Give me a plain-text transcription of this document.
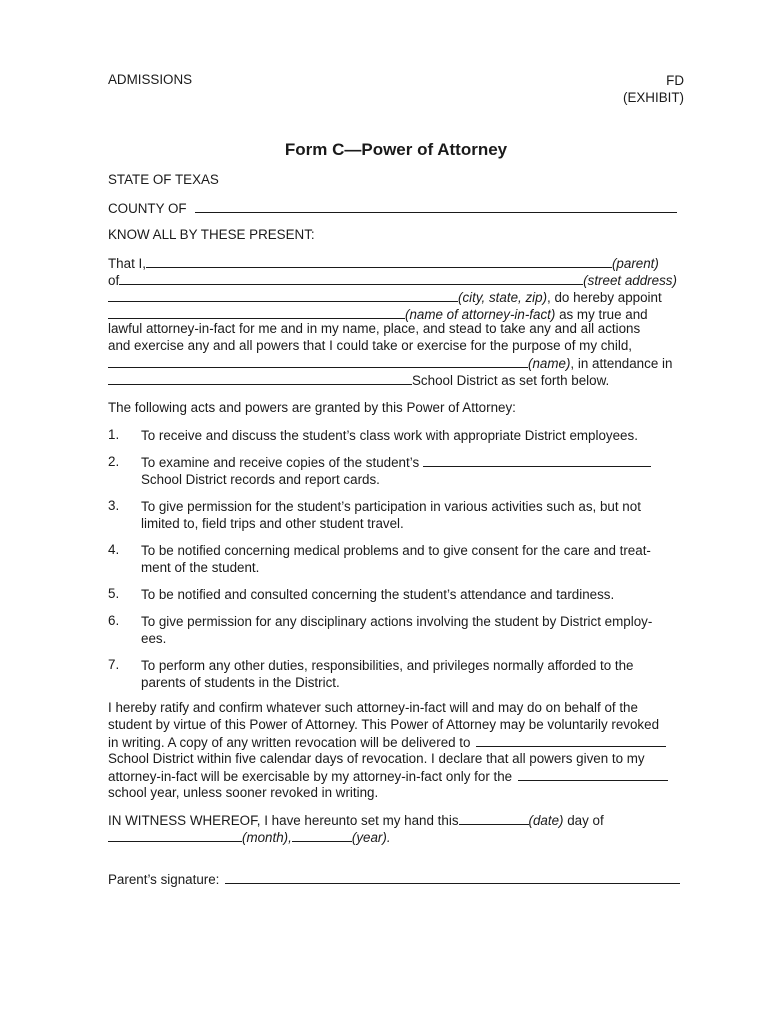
ADMISSIONS	FD
(EXHIBIT)
Form C—Power of Attorney
STATE OF TEXAS
COUNTY OF
KNOW ALL BY THESE PRESENT:
That I,	(parent)
of	(street address)
(city, state, zip), do hereby appoint
(name of attorney-in-fact) as my true and
lawful attorney-in-fact for me and in my name, place, and stead to take any and all actions
and exercise any and all powers that I could take or exercise for the purpose of my child,
(name), in attendance in
School District as set forth below.
The following acts and powers are granted by this Power of Attorney:
1. To receive and discuss the student’s class work with appropriate District employees.
2. To examine and receive copies of the student’s
School District records and report cards.
3. To give permission for the student’s participation in various activities such as, but not
limited to, field trips and other student travel.
4. To be notified concerning medical problems and to give consent for the care and treat-
ment of the student.
5. To be notified and consulted concerning the student’s attendance and tardiness.
6. To give permission for any disciplinary actions involving the student by District employ-
ees.
7. To perform any other duties, responsibilities, and privileges normally afforded to the
parents of students in the District.
I hereby ratify and confirm whatever such attorney-in-fact will and may do on behalf of the
student by virtue of this Power of Attorney. This Power of Attorney may be voluntarily revoked
in writing. A copy of any written revocation will be delivered to
School District within five calendar days of revocation. I declare that all powers given to my
attorney-in-fact will be exercisable by my attorney-in-fact only for the
school year, unless sooner revoked in writing.
IN WITNESS WHEREOF, I have hereunto set my hand this	(date) day of
(month),	(year).
Parent’s signature:
